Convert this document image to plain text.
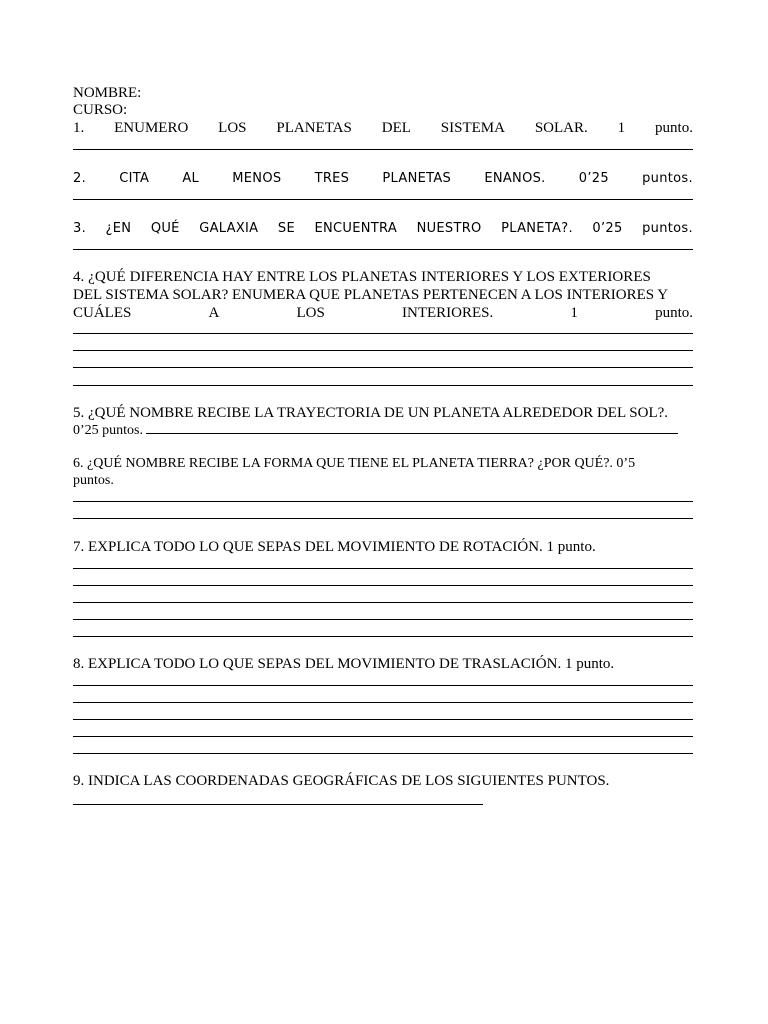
NOMBRE:
CURSO:
1. ENUMERO LOS PLANETAS DEL SISTEMA SOLAR. 1 punto.
2.	CITA	AL	MENOS	TRES	PLANETAS	ENANOS.	0’25	puntos.
3. ¿EN QUÉ GALAXIA SE ENCUENTRA NUESTRO PLANETA?. 0’25 puntos.
4. ¿QUÉ DIFERENCIA HAY ENTRE LOS PLANETAS INTERIORES Y LOS EXTERIORES
DEL SISTEMA SOLAR? ENUMERA QUE PLANETAS PERTENECEN A LOS INTERIORES Y
CUÁLES	A	LOS	INTERIORES.	1	punto.
5. ¿QUÉ NOMBRE RECIBE LA TRAYECTORIA DE UN PLANETA ALREDEDOR DEL SOL?.
0’25 puntos.
6. ¿QUÉ NOMBRE RECIBE LA FORMA QUE TIENE EL PLANETA TIERRA? ¿POR QUÉ?. 0’5
puntos.
7. EXPLICA TODO LO QUE SEPAS DEL MOVIMIENTO DE ROTACIÓN. 1 punto.
8. EXPLICA TODO LO QUE SEPAS DEL MOVIMIENTO DE TRASLACIÓN. 1 punto.
9. INDICA LAS COORDENADAS GEOGRÁFICAS DE LOS SIGUIENTES PUNTOS.
